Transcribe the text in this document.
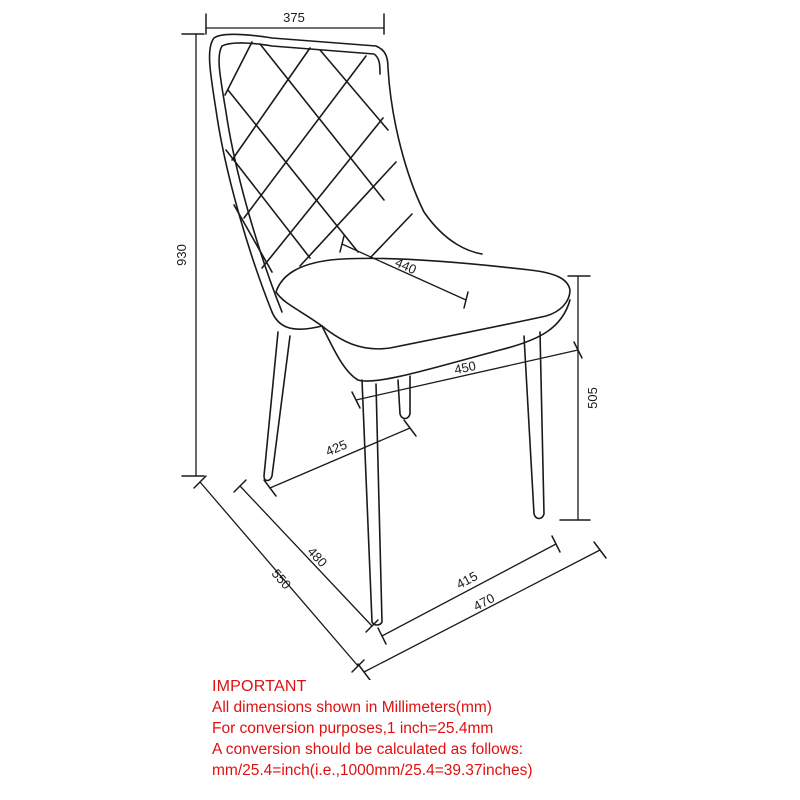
375
930	440
450
505
425
480
550	415
470
IMPORTANT
All dimensions shown in Millimeters(mm)
For conversion purposes,1 inch=25.4mm
A conversion should be calculated as follows:
mm/25.4=inch(i.e.,1000mm/25.4=39.37inches)
